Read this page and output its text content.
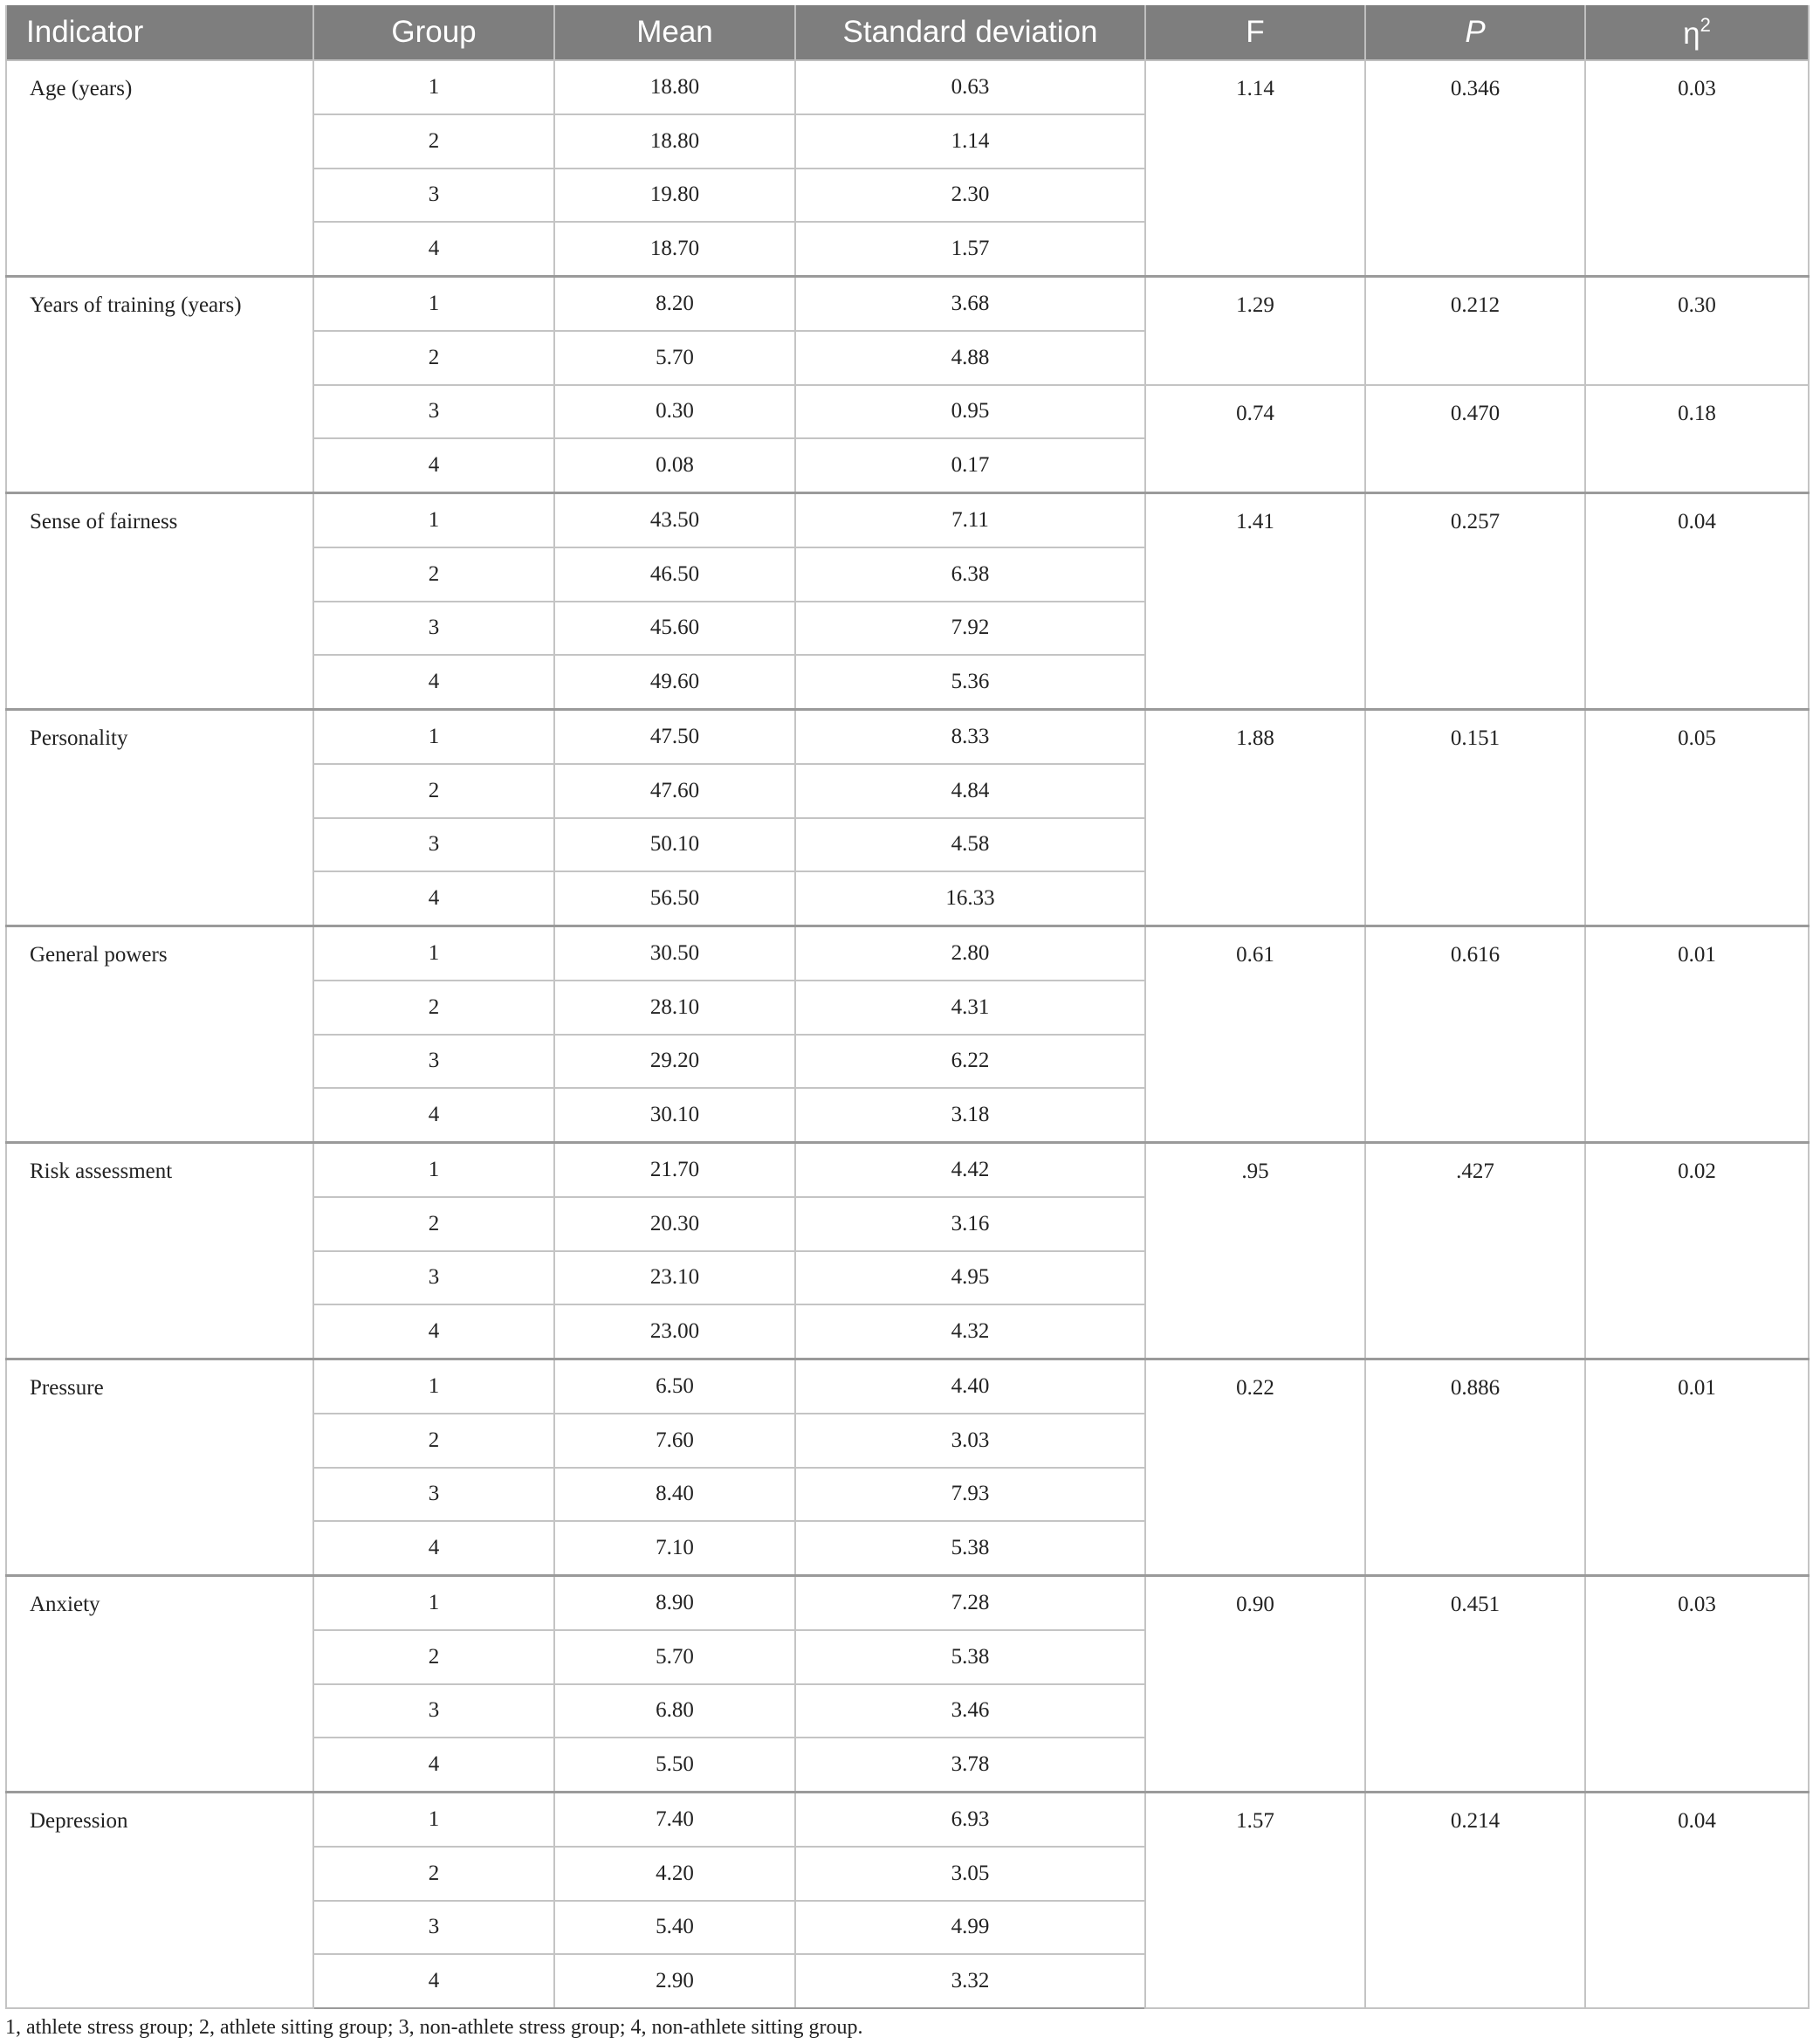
Indicator	Group	Mean	Standard deviation	F	P	$\eta^2$
Age (years)	1	18.80	0.63	1.14	0.346	0.03
	2	18.80	1.14			
	3	19.80	2.30			
	4	18.70	1.57			
Years of training (years)	1	8.20	3.68	1.29	0.212	0.30
	2	5.70	4.88			
	3	0.30	0.95	0.74	0.470	0.18
	4	0.08	0.17			
Sense of fairness	1	43.50	7.11	1.41	0.257	0.04
	2	46.50	6.38			
	3	45.60	7.92			
	4	49.60	5.36			
Personality	1	47.50	8.33	1.88	0.151	0.05
	2	47.60	4.84			
	3	50.10	4.58			
	4	56.50	16.33			
General powers	1	30.50	2.80	0.61	0.616	0.01
	2	28.10	4.31			
	3	29.20	6.22			
	4	30.10	3.18			
Risk assessment	1	21.70	4.42	.95	.427	0.02
	2	20.30	3.16			
	3	23.10	4.95			
	4	23.00	4.32			
Pressure	1	6.50	4.40	0.22	0.886	0.01
	2	7.60	3.03			
	3	8.40	7.93			
	4	7.10	5.38			
Anxiety	1	8.90	7.28	0.90	0.451	0.03
	2	5.70	5.38			
	3	6.80	3.46			
	4	5.50	3.78			
Depression	1	7.40	6.93	1.57	0.214	0.04
	2	4.20	3.05			
	3	5.40	4.99			
	4	2.90	3.32			
1, athlete stress group; 2, athlete sitting group; 3, non-athlete stress group; 4, non-athlete sitting group.
